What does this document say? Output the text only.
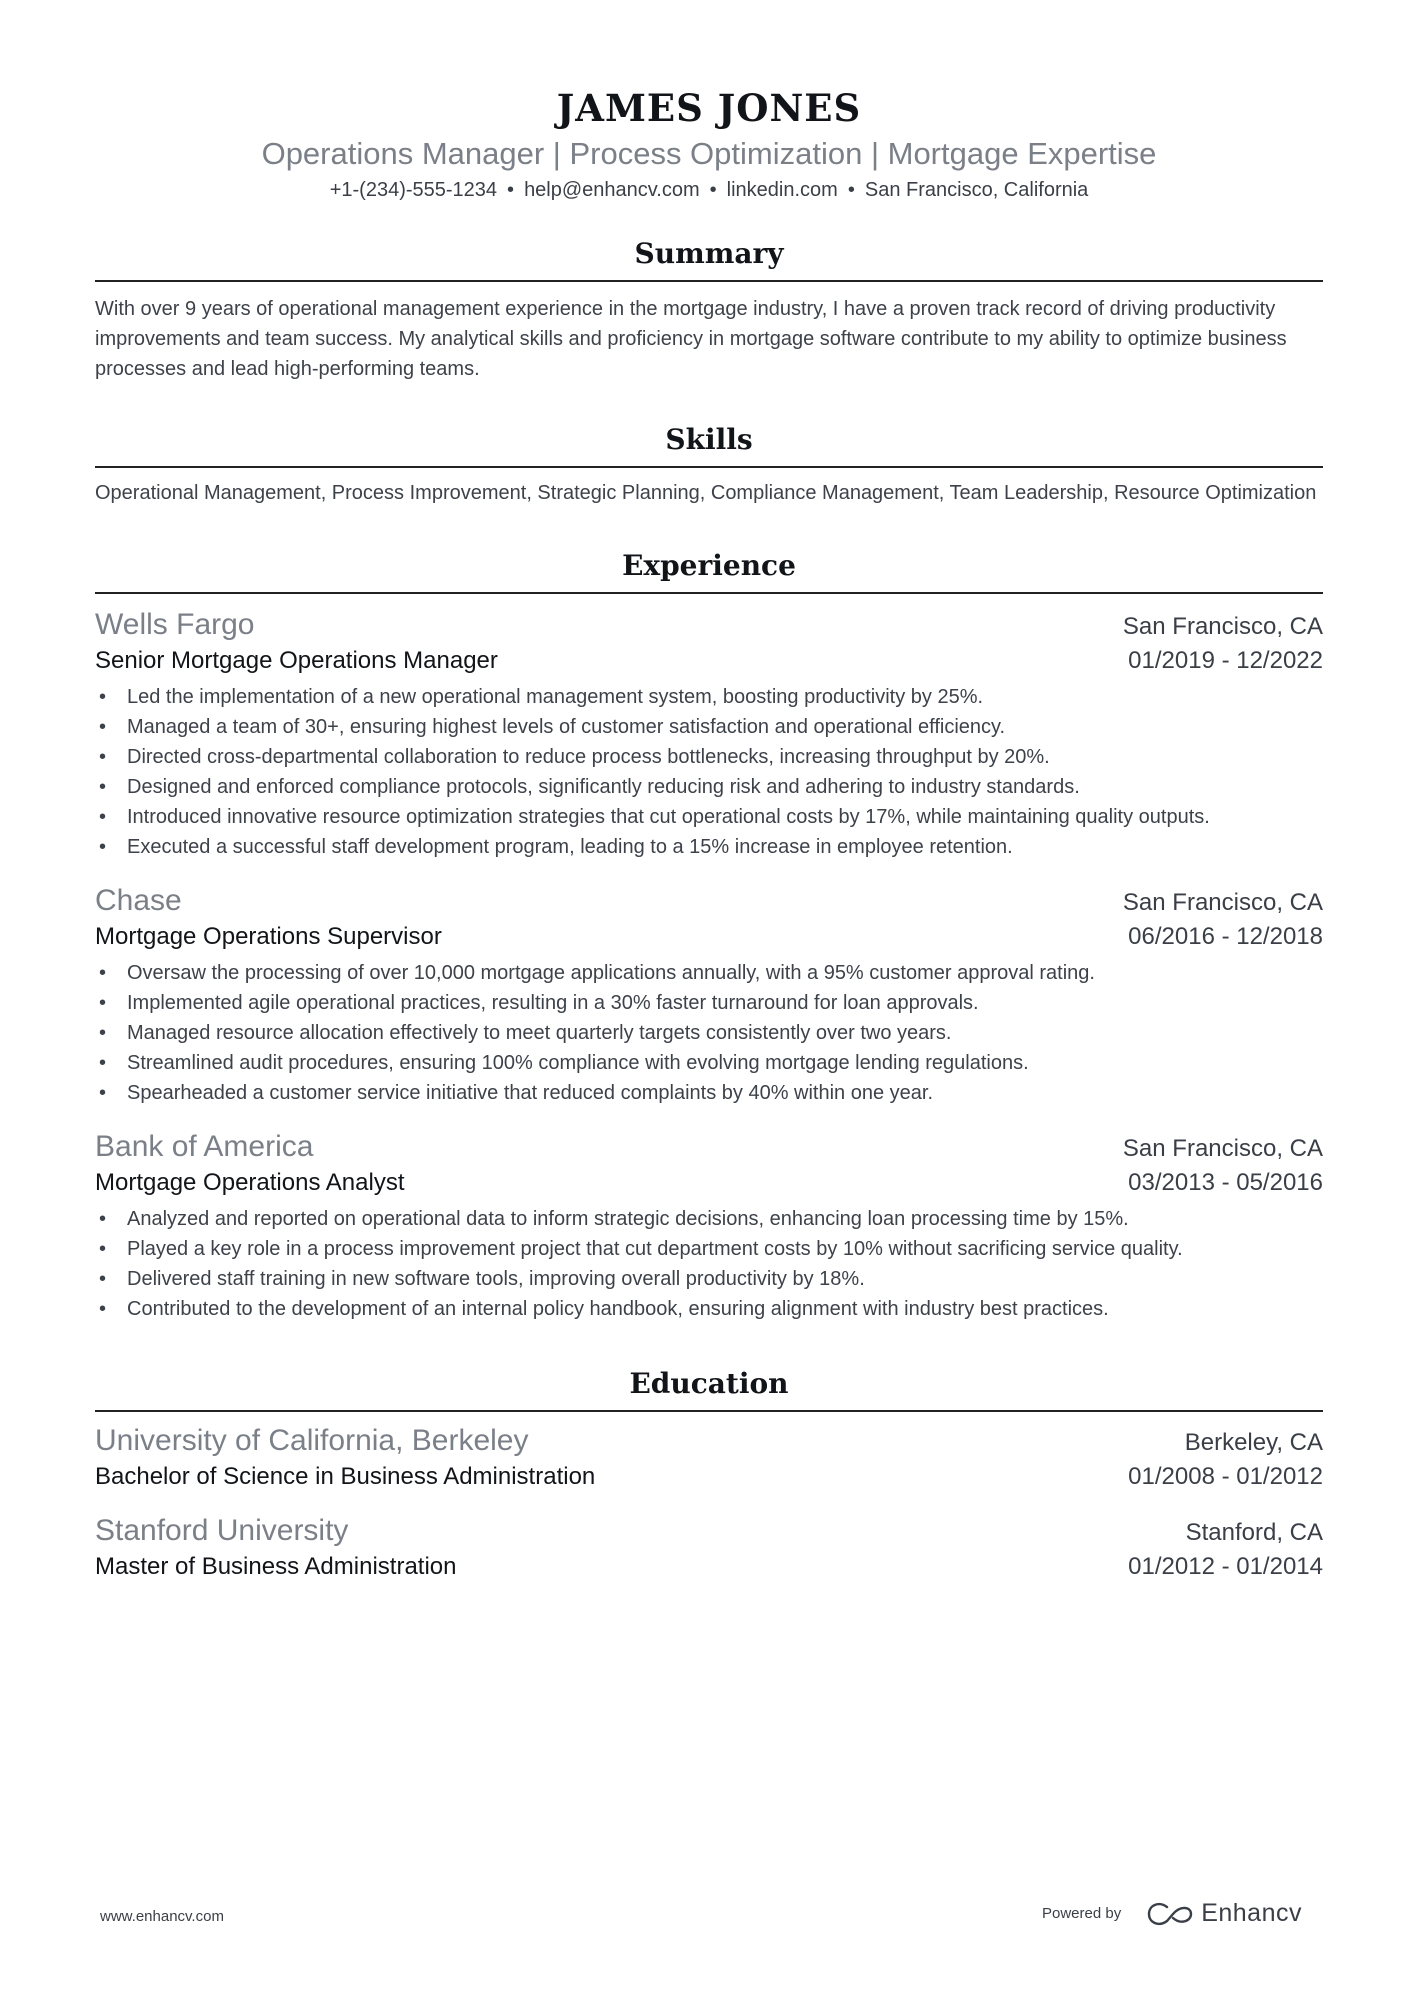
JAMES JONES
Operations Manager | Process Optimization | Mortgage Expertise
+1-(234)-555-1234 • help@enhancv.com • linkedin.com • San Francisco, California
Summary
With over 9 years of operational management experience in the mortgage industry, I have a proven track record of driving productivity improvements and team success. My analytical skills and proficiency in mortgage software contribute to my ability to optimize business processes and lead high-performing teams.
Skills
Operational Management, Process Improvement, Strategic Planning, Compliance Management, Team Leadership, Resource Optimization
Experience
Wells Fargo	San Francisco, CA
Senior Mortgage Operations Manager	01/2019 - 12/2022
• Led the implementation of a new operational management system, boosting productivity by 25%.
• Managed a team of 30+, ensuring highest levels of customer satisfaction and operational efficiency.
• Directed cross-departmental collaboration to reduce process bottlenecks, increasing throughput by 20%.
• Designed and enforced compliance protocols, significantly reducing risk and adhering to industry standards.
• Introduced innovative resource optimization strategies that cut operational costs by 17%, while maintaining quality outputs.
• Executed a successful staff development program, leading to a 15% increase in employee retention.
Chase	San Francisco, CA
Mortgage Operations Supervisor	06/2016 - 12/2018
• Oversaw the processing of over 10,000 mortgage applications annually, with a 95% customer approval rating.
• Implemented agile operational practices, resulting in a 30% faster turnaround for loan approvals.
• Managed resource allocation effectively to meet quarterly targets consistently over two years.
• Streamlined audit procedures, ensuring 100% compliance with evolving mortgage lending regulations.
• Spearheaded a customer service initiative that reduced complaints by 40% within one year.
Bank of America	San Francisco, CA
Mortgage Operations Analyst	03/2013 - 05/2016
• Analyzed and reported on operational data to inform strategic decisions, enhancing loan processing time by 15%.
• Played a key role in a process improvement project that cut department costs by 10% without sacrificing service quality.
• Delivered staff training in new software tools, improving overall productivity by 18%.
• Contributed to the development of an internal policy handbook, ensuring alignment with industry best practices.
Education
University of California, Berkeley	Berkeley, CA
Bachelor of Science in Business Administration	01/2008 - 01/2012
Stanford University	Stanford, CA
Master of Business Administration	01/2012 - 01/2014
www.enhancv.com	Powered by	Enhancv
